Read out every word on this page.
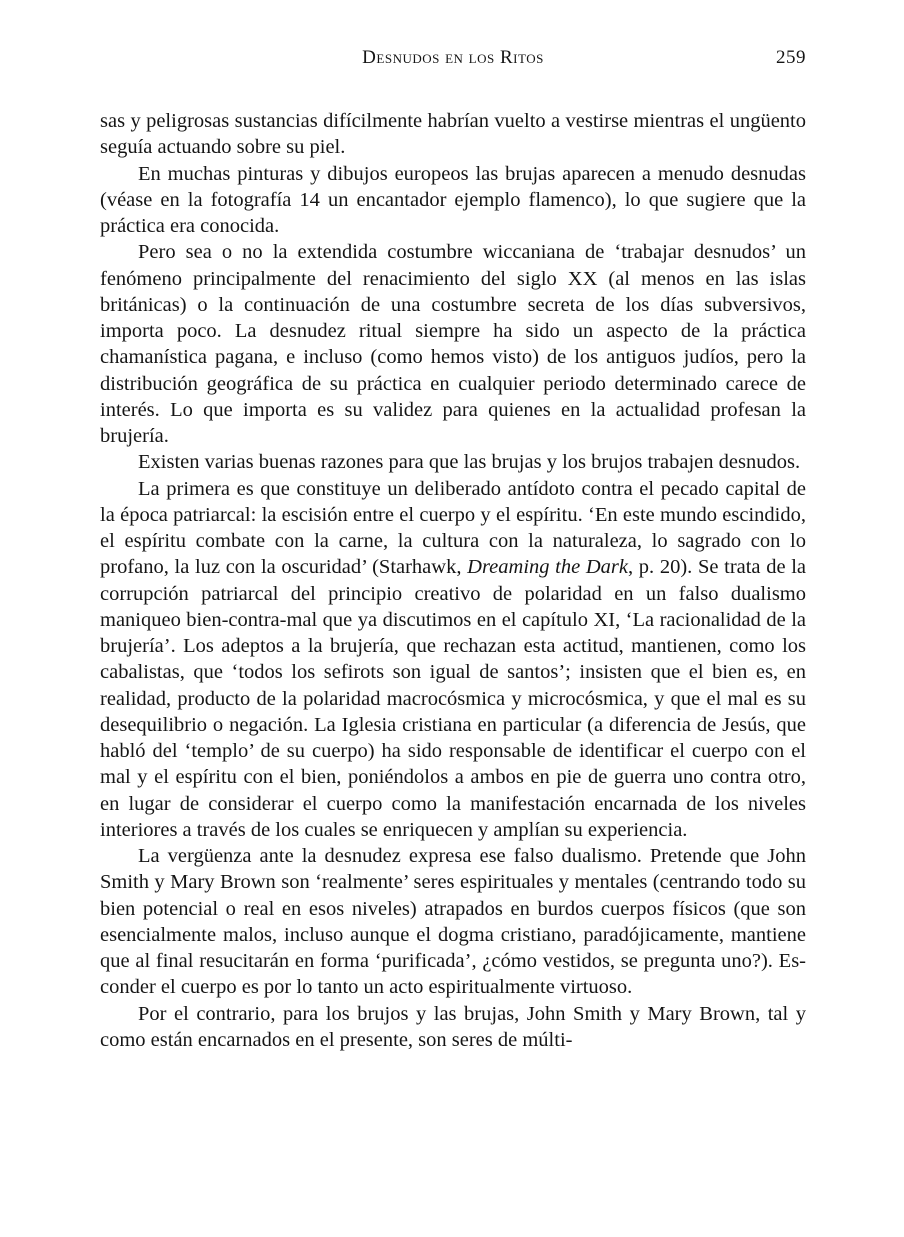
Desnudos en los Ritos	259

sas y peligrosas sustancias difícilmente habrían vuelto a vestirse mientras el ungüento seguía actuando sobre su piel.

En muchas pinturas y dibujos europeos las brujas aparecen a menudo desnudas (véase en la fotografía 14 un encantador ejemplo flamenco), lo que sugiere que la práctica era conocida.

Pero sea o no la extendida costumbre wiccaniana de ‘trabajar desnudos’ un fenómeno principalmente del renacimiento del siglo XX (al menos en las islas británicas) o la continuación de una costumbre secreta de los días subversivos, importa poco. La desnudez ritual siempre ha sido un aspecto de la práctica chamanística pagana, e incluso (como hemos visto) de los antiguos judíos, pero la distribución geográfica de su práctica en cualquier periodo determinado carece de interés. Lo que importa es su validez para quienes en la actualidad profesan la brujería.

Existen varias buenas razones para que las brujas y los brujos trabajen desnudos.

La primera es que constituye un deliberado antídoto contra el pecado capital de la época patriarcal: la escisión entre el cuerpo y el espíritu. ‘En este mundo escindido, el espíritu combate con la carne, la cultura con la naturaleza, lo sagrado con lo profano, la luz con la oscuridad’ (Starhawk, Dreaming the Dark, p. 20). Se trata de la corrupción patriarcal del principio creativo de polaridad en un falso dualismo maniqueo bien-contra-mal que ya discutimos en el capítulo XI, ‘La racionalidad de la brujería’. Los adeptos a la brujería, que rechazan esta actitud, mantienen, como los cabalistas, que ‘todos los sefirots son igual de santos’; insisten que el bien es, en realidad, producto de la polaridad macrocósmica y microcósmica, y que el mal es su desequilibrio o negación. La Iglesia cristiana en particular (a diferencia de Jesús, que habló del ‘templo’ de su cuerpo) ha sido responsable de identificar el cuerpo con el mal y el espíritu con el bien, poniéndolos a ambos en pie de guerra uno contra otro, en lugar de considerar el cuerpo como la manifestación encarnada de los niveles interiores a través de los cuales se enriquecen y amplían su experiencia.

La vergüenza ante la desnudez expresa ese falso dualismo. Pretende que John Smith y Mary Brown son ‘realmente’ seres espirituales y mentales (centrando todo su bien potencial o real en esos niveles) atrapados en burdos cuerpos físicos (que son esencialmente malos, incluso aunque el dogma cristiano, paradójicamente, mantiene que al final resucitarán en forma ‘purificada’, ¿cómo vestidos, se pregunta uno?). Esconder el cuerpo es por lo tanto un acto espiritualmente virtuoso.

Por el contrario, para los brujos y las brujas, John Smith y Mary Brown, tal y como están encarnados en el presente, son seres de múlti-
